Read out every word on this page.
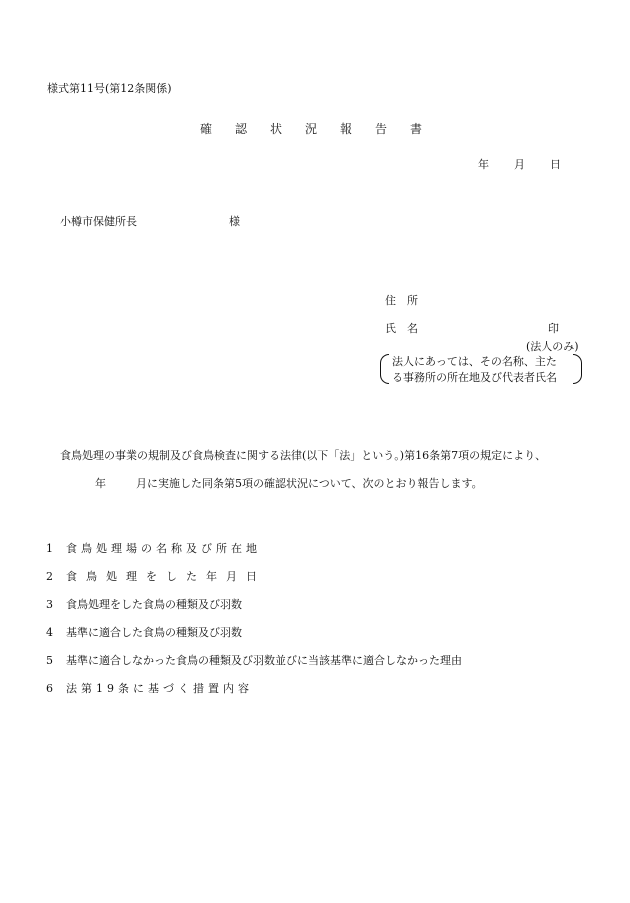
様式第11号(第12条関係)
確 認 状 況 報 告 書
年 月 日
小樽市保健所長	様
住　所
氏　名	印
(法人のみ)
法人にあっては、その名称、主た
る事務所の所在地及び代表者氏名
食鳥処理の事業の規制及び食鳥検査に関する法律(以下「法」という。)第16条第7項の規定により、
年	月に実施した同条第5項の確認状況について、次のとおり報告します。
1 食鳥処理場の名称及び所在地
2 食鳥処理をした年月日
3 食鳥処理をした食鳥の種類及び羽数
4 基準に適合した食鳥の種類及び羽数
5 基準に適合しなかった食鳥の種類及び羽数並びに当該基準に適合しなかった理由
6 法第19条に基づく措置内容
